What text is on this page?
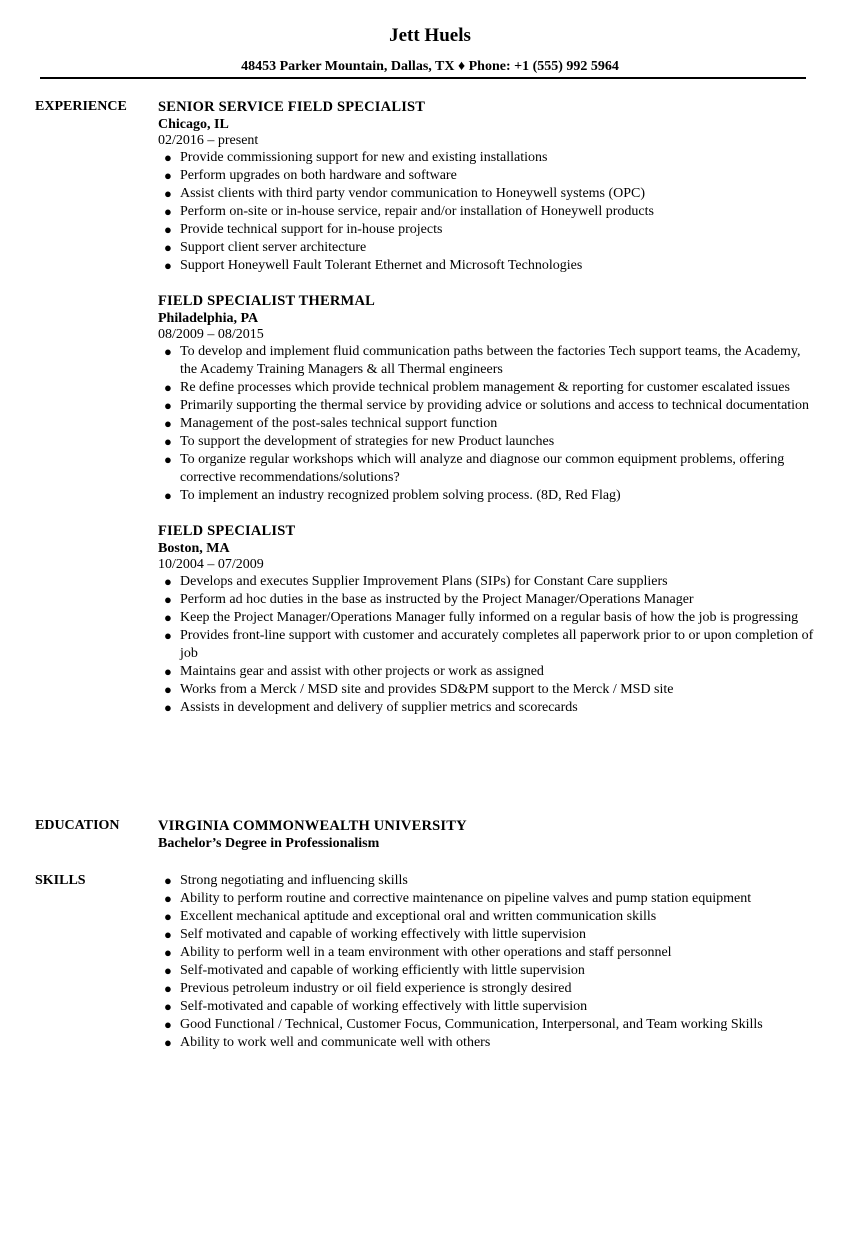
Jett Huels
48453 Parker Mountain, Dallas, TX ♦ Phone: +1 (555) 992 5964
EXPERIENCE SENIOR SERVICE FIELD SPECIALIST
Chicago, IL
02/2016 – present
● Provide commissioning support for new and existing installations
● Perform upgrades on both hardware and software
● Assist clients with third party vendor communication to Honeywell systems (OPC)
● Perform on-site or in-house service, repair and/or installation of Honeywell products
● Provide technical support for in-house projects
● Support client server architecture
● Support Honeywell Fault Tolerant Ethernet and Microsoft Technologies
FIELD SPECIALIST THERMAL
Philadelphia, PA
08/2009 – 08/2015
● To develop and implement fluid communication paths between the factories Tech support teams, the Academy, the Academy Training Managers & all Thermal engineers
● Re define processes which provide technical problem management & reporting for customer escalated issues
● Primarily supporting the thermal service by providing advice or solutions and access to technical documentation
● Management of the post-sales technical support function
● To support the development of strategies for new Product launches
● To organize regular workshops which will analyze and diagnose our common equipment problems, offering corrective recommendations/solutions?
● To implement an industry recognized problem solving process. (8D, Red Flag)
FIELD SPECIALIST
Boston, MA
10/2004 – 07/2009
● Develops and executes Supplier Improvement Plans (SIPs) for Constant Care suppliers
● Perform ad hoc duties in the base as instructed by the Project Manager/Operations Manager
● Keep the Project Manager/Operations Manager fully informed on a regular basis of how the job is progressing
● Provides front-line support with customer and accurately completes all paperwork prior to or upon completion of job
● Maintains gear and assist with other projects or work as assigned
● Works from a Merck / MSD site and provides SD&PM support to the Merck / MSD site
● Assists in development and delivery of supplier metrics and scorecards
EDUCATION	VIRGINIA COMMONWEALTH UNIVERSITY
Bachelor’s Degree in Professionalism
SKILLS	● Strong negotiating and influencing skills
● Ability to perform routine and corrective maintenance on pipeline valves and pump station equipment
● Excellent mechanical aptitude and exceptional oral and written communication skills
● Self motivated and capable of working effectively with little supervision
● Ability to perform well in a team environment with other operations and staff personnel
● Self-motivated and capable of working efficiently with little supervision
● Previous petroleum industry or oil field experience is strongly desired
● Self-motivated and capable of working effectively with little supervision
● Good Functional / Technical, Customer Focus, Communication, Interpersonal, and Team working Skills
● Ability to work well and communicate well with others
